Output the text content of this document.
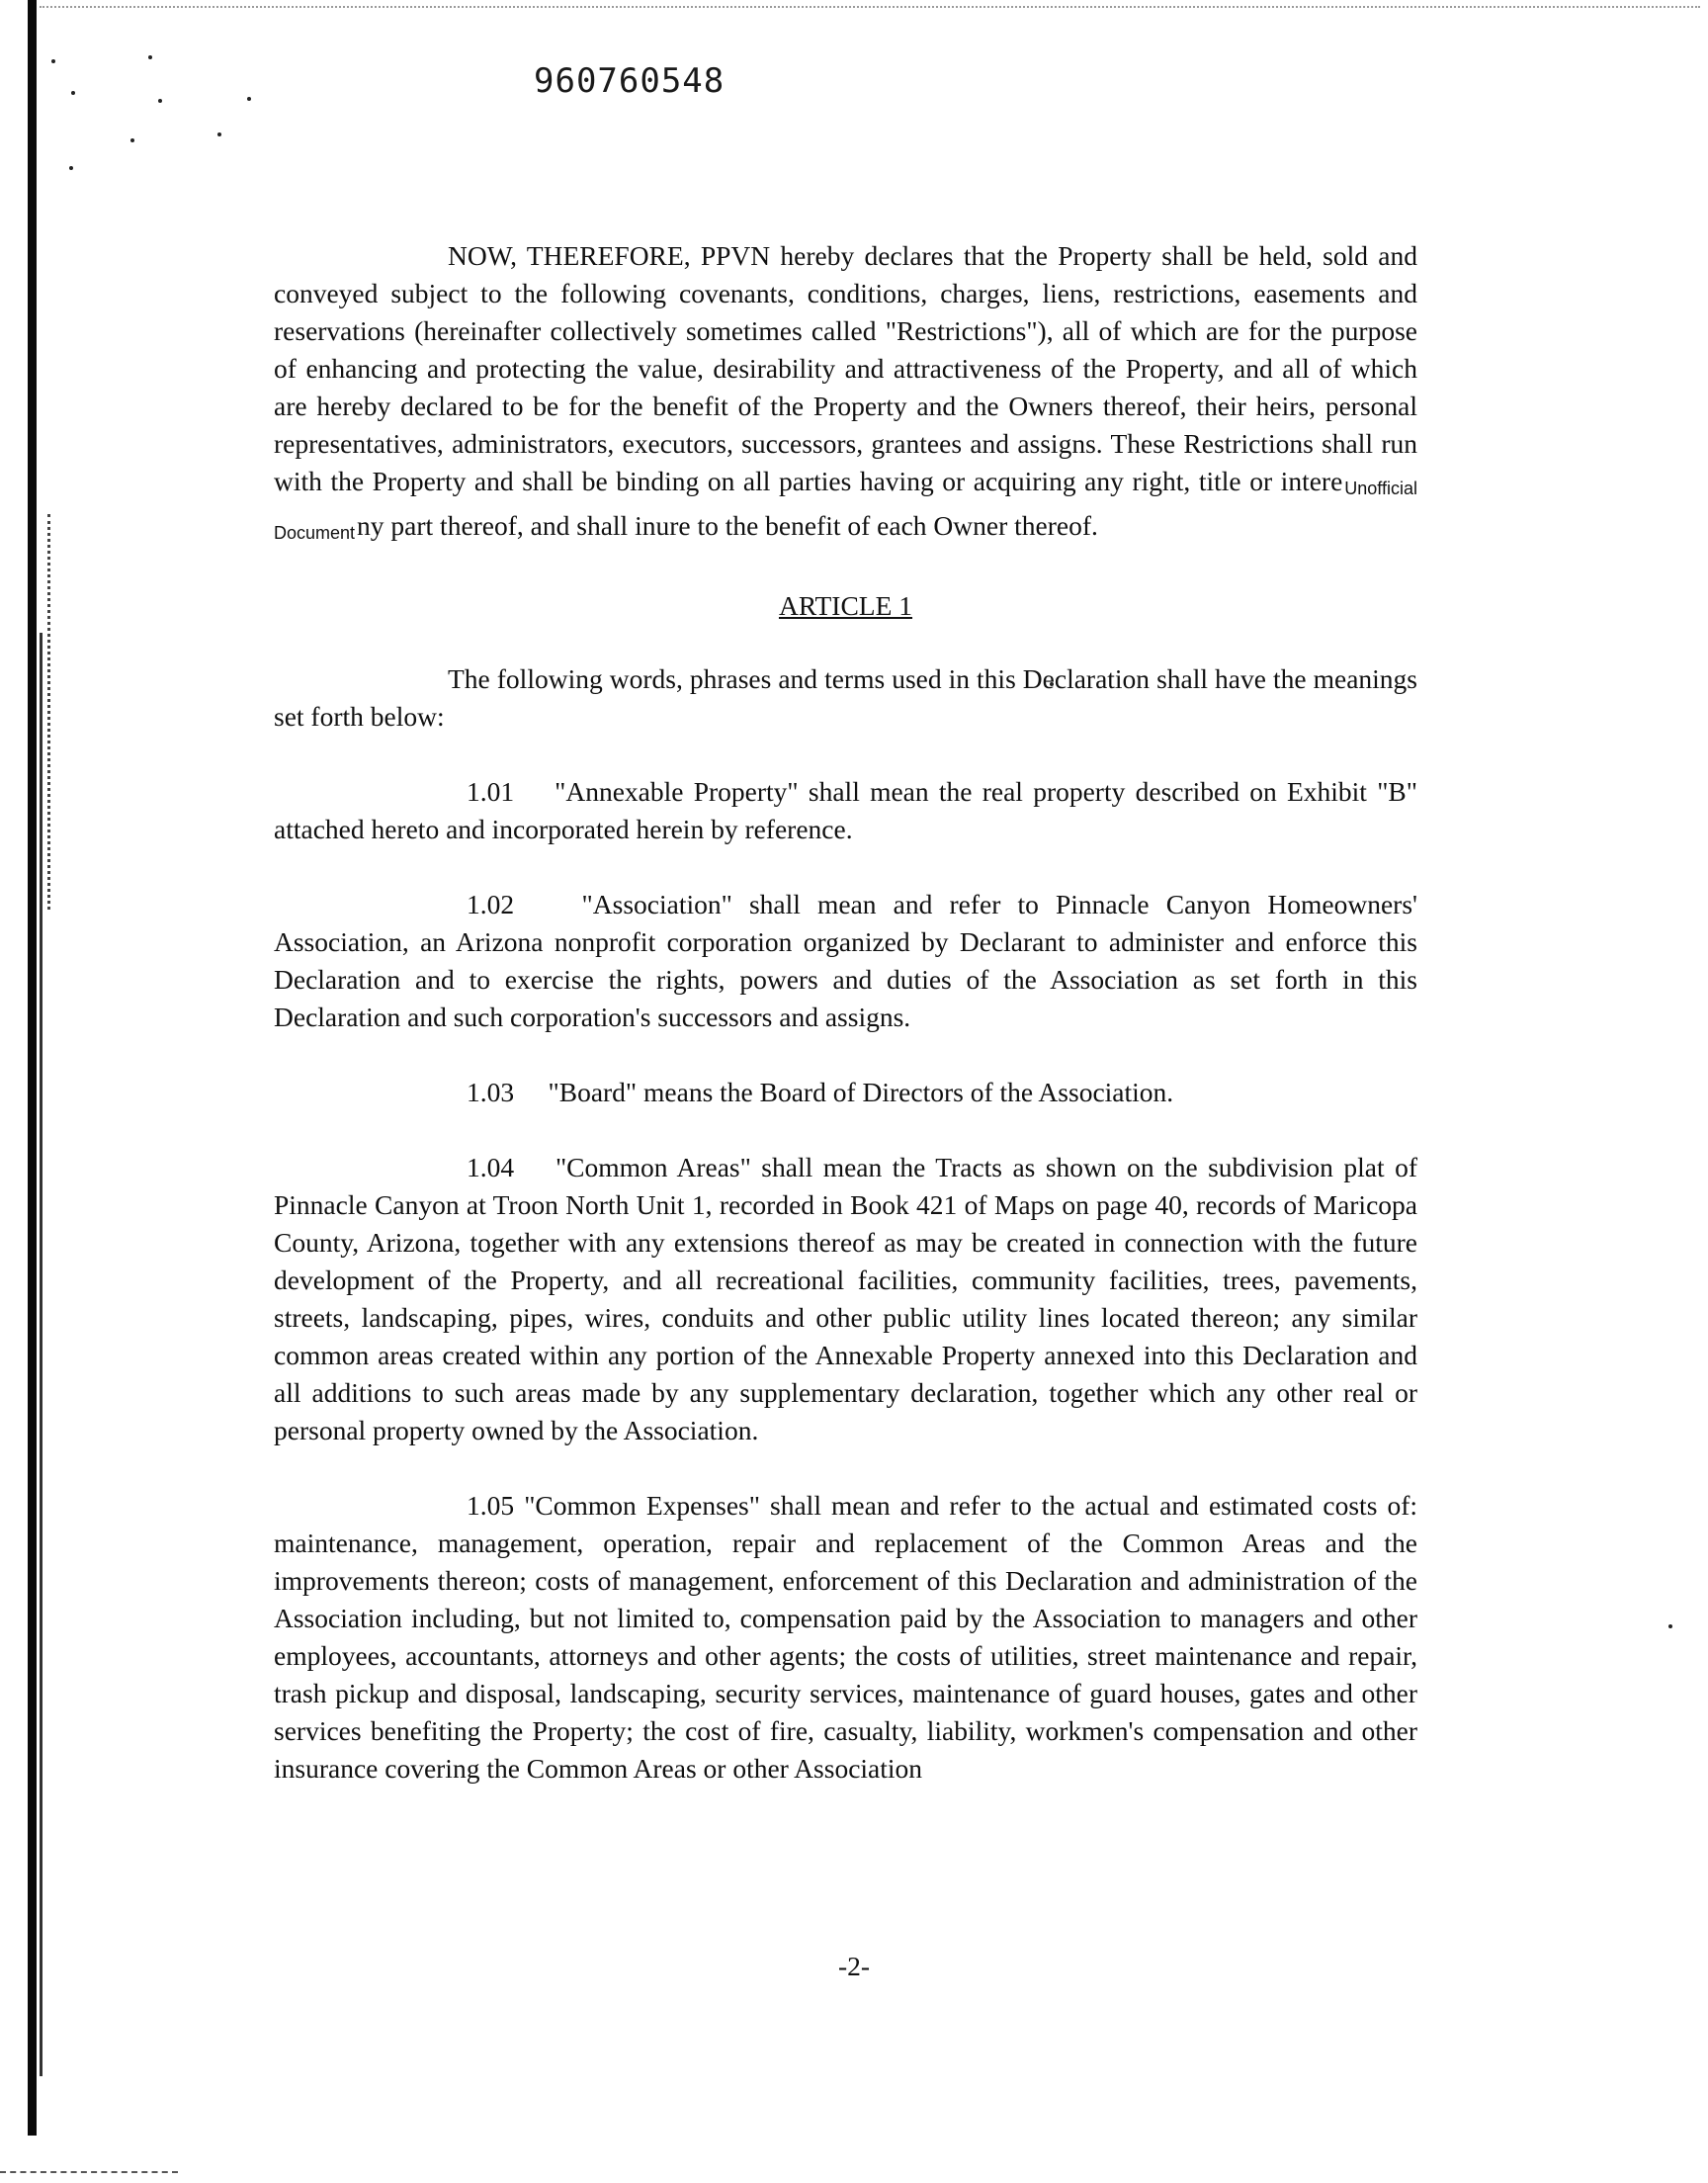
960760548

NOW, THEREFORE, PPVN hereby declares that the Property shall be held, sold and conveyed subject to the following covenants, conditions, charges, liens, restrictions, easements and reservations (hereinafter collectively sometimes called "Restrictions"), all of which are for the purpose of enhancing and protecting the value, desirability and attractiveness of the Property, and all of which are hereby declared to be for the benefit of the Property and the Owners thereof, their heirs, personal representatives, administrators, executors, successors, grantees and assigns. These Restrictions shall run with the Property and shall be binding on all parties having or acquiring any right, title or intere Unofficial Documentny part thereof, and shall inure to the benefit of each Owner thereof.

ARTICLE 1

The following words, phrases and terms used in this Declaration shall have the meanings set forth below:

1.01 "Annexable Property" shall mean the real property described on Exhibit "B" attached hereto and incorporated herein by reference.

1.02 "Association" shall mean and refer to Pinnacle Canyon Homeowners' Association, an Arizona nonprofit corporation organized by Declarant to administer and enforce this Declaration and to exercise the rights, powers and duties of the Association as set forth in this Declaration and such corporation's successors and assigns.

1.03 "Board" means the Board of Directors of the Association.

1.04 "Common Areas" shall mean the Tracts as shown on the subdivision plat of Pinnacle Canyon at Troon North Unit 1, recorded in Book 421 of Maps on page 40, records of Maricopa County, Arizona, together with any extensions thereof as may be created in connection with the future development of the Property, and all recreational facilities, community facilities, trees, pavements, streets, landscaping, pipes, wires, conduits and other public utility lines located thereon; any similar common areas created within any portion of the Annexable Property annexed into this Declaration and all additions to such areas made by any supplementary declaration, together which any other real or personal property owned by the Association.

1.05 "Common Expenses" shall mean and refer to the actual and estimated costs of: maintenance, management, operation, repair and replacement of the Common Areas and the improvements thereon; costs of management, enforcement of this Declaration and administration of the Association including, but not limited to, compensation paid by the Association to managers and other employees, accountants, attorneys and other agents; the costs of utilities, street maintenance and repair, trash pickup and disposal, landscaping, security services, maintenance of guard houses, gates and other services benefiting the Property; the cost of fire, casualty, liability, workmen's compensation and other insurance covering the Common Areas or other Association

-2-
